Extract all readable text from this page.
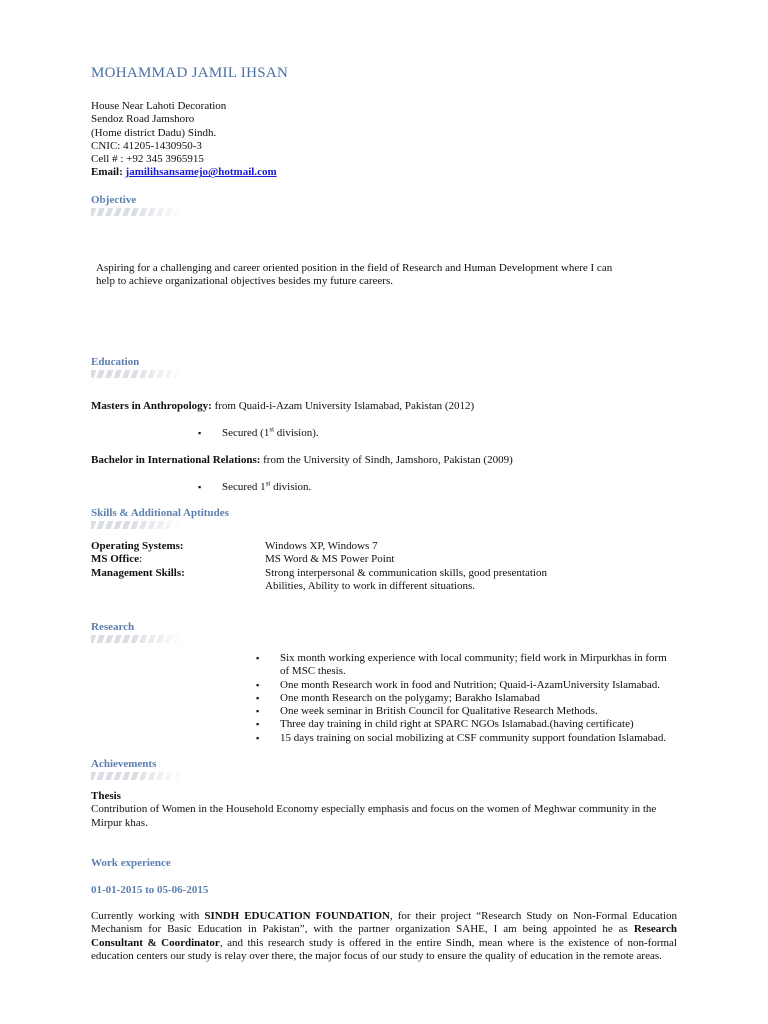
MOHAMMAD JAMIL IHSAN
House Near Lahoti Decoration
Sendoz Road Jamshoro
(Home district Dadu) Sindh.
CNIC: 41205-1430950-3
Cell # : +92 345 3965915
Email: jamilihsansamejo@hotmail.com
Objective
Aspiring for a challenging and career oriented position in the field of Research and Human Development where I can
help to achieve organizational objectives besides my future careers.
Education
Masters in Anthropology: from Quaid-i-Azam University Islamabad, Pakistan (2012)
▪ Secured (1st division).
Bachelor in International Relations: from the University of Sindh, Jamshoro, Pakistan (2009)
▪ Secured 1st division.
Skills & Additional Aptitudes
Operating Systems:	Windows XP, Windows 7
MS Office:	MS Word & MS Power Point
Management Skills:	Strong interpersonal & communication skills, good presentation
Abilities, Ability to work in different situations.
Research
▪ Six month working experience with local community; field work in Mirpurkhas in form
of MSC thesis.
▪ One month Research work in food and Nutrition; Quaid-i-AzamUniversity Islamabad.
▪ One month Research on the polygamy; Barakho Islamabad
▪ One week seminar in British Council for Qualitative Research Methods.
▪ Three day training in child right at SPARC NGOs Islamabad.(having certificate)
▪ 15 days training on social mobilizing at CSF community support foundation Islamabad.
Achievements
Thesis
Contribution of Women in the Household Economy especially emphasis and focus on the women of Meghwar community in the
Mirpur khas.
Work experience
01-01-2015 to 05-06-2015
Currently working with SINDH EDUCATION FOUNDATION, for their project “Research Study on Non-Formal Education Mechanism for Basic Education in Pakistan”, with the partner organization SAHE, I am being appointed he as Research Consultant & Coordinator, and this research study is offered in the entire Sindh, mean where is the existence of non-formal education centers our study is relay over there, the major focus of our study to ensure the quality of education in the remote areas.
